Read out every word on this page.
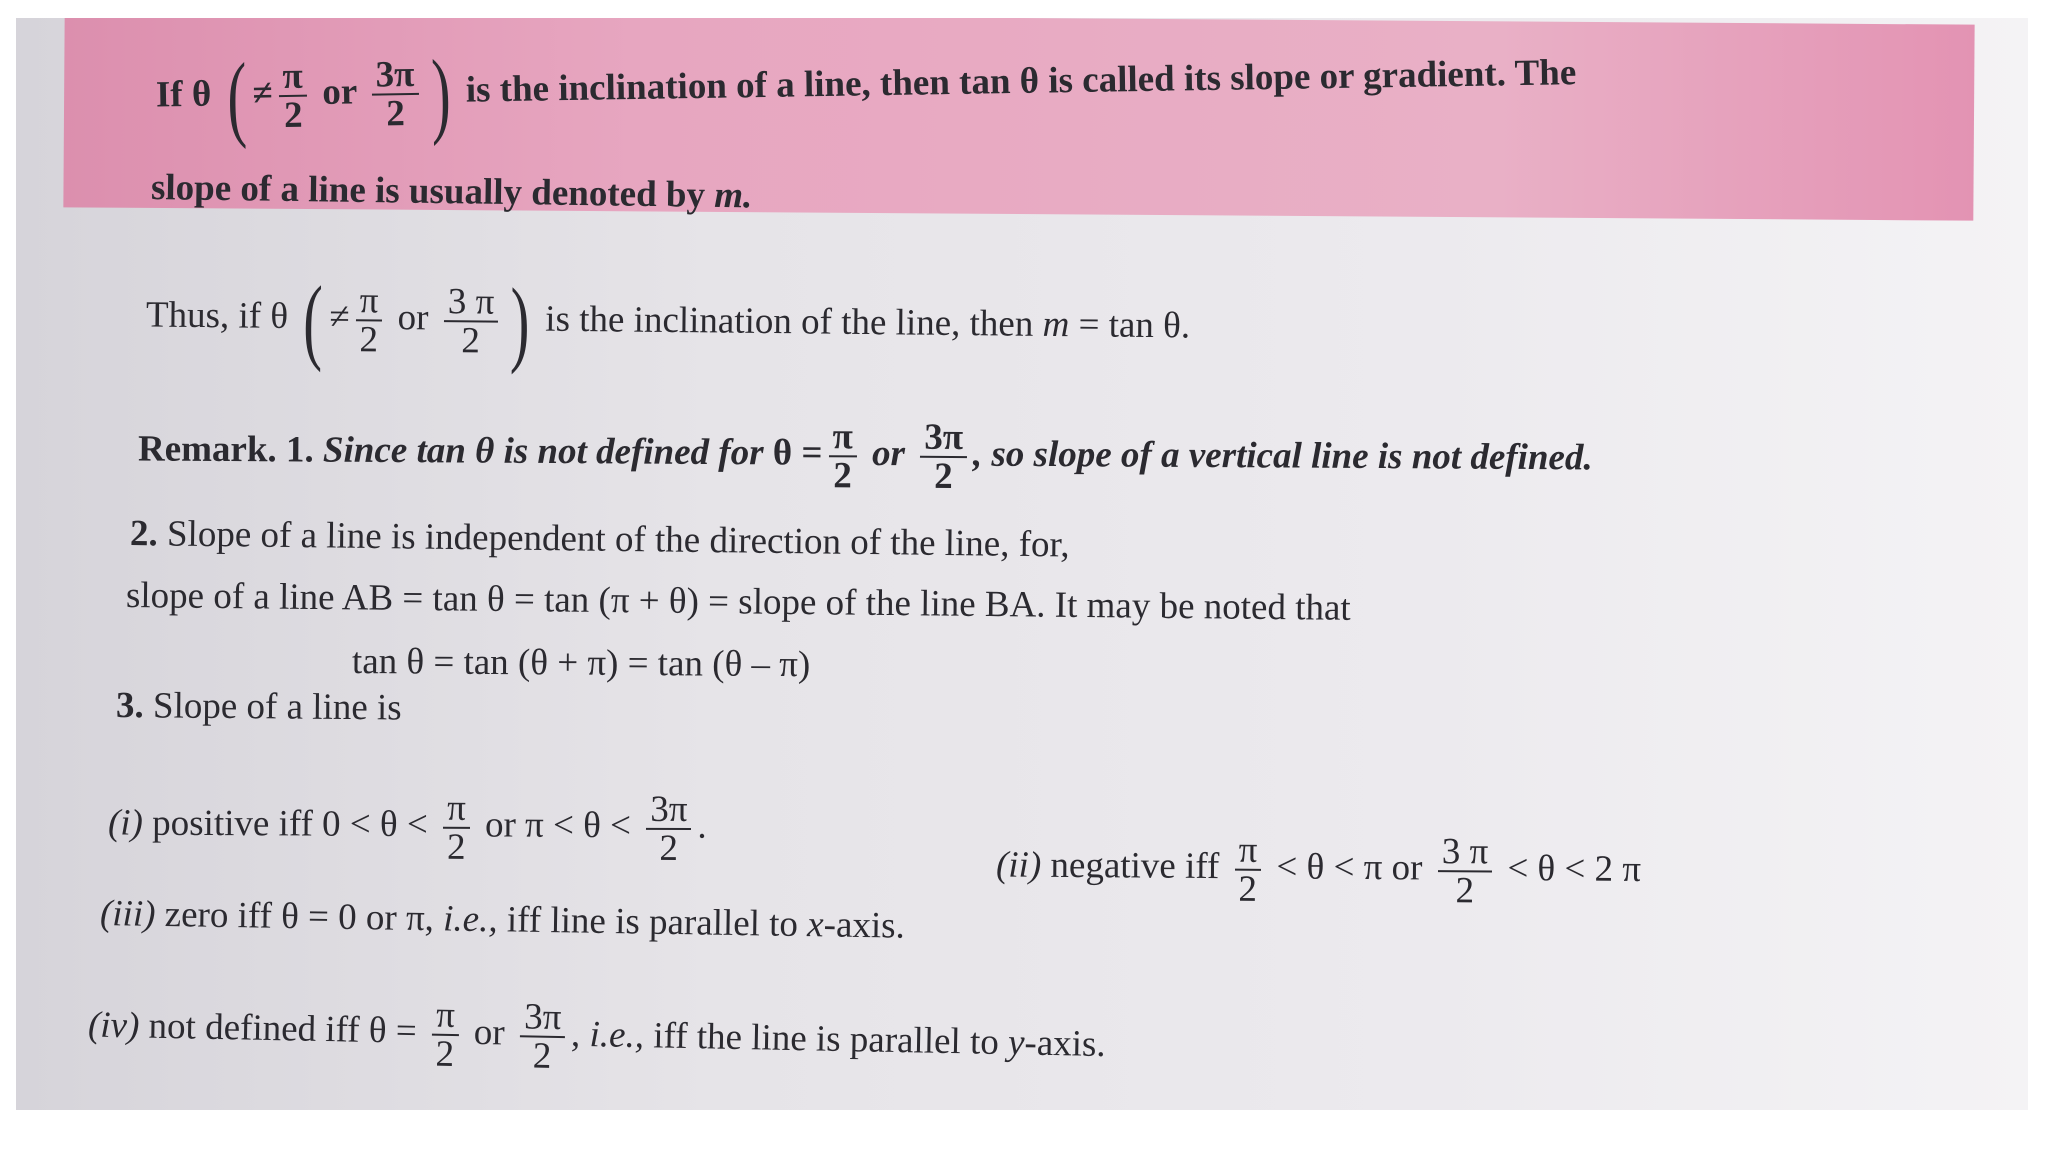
If θ ( ≠ $\frac{\pi}{2}$ or $\frac{3\pi}{2}$ ) is the inclination of a line, then tan θ is called its slope or gradient. The
slope of a line is usually denoted by m.
Thus, if θ ( ≠ $\frac{\pi}{2}$ or $\frac{3 \pi}{2}$ ) is the inclination of the line, then m = tan θ.
Remark. 1. Since tan θ is not defined for $\theta = \frac{\pi}{2}$ or $\frac{3\pi}{2}$ , so slope of a vertical line is not defined.
2. Slope of a line is independent of the direction of the line, for,
slope of a line AB = tan θ = tan (π + θ) = slope of the line BA. It may be noted that
tan θ = tan (θ + π) = tan (θ – π)
3. Slope of a line is
(i) positive iff $0 < \theta < \frac{\pi}{2}$ or $\pi < \theta < \frac{3\pi}{2}$ .
(ii) negative iff $\frac{\pi}{2} < \theta < \pi$ or $\frac{3 \pi}{2} < \theta < 2$ π
(iii) zero iff θ = 0 or π, i.e., iff line is parallel to x-axis.
(iv) not defined iff $\theta = \frac{\pi}{2}$ or $\frac{3\pi}{2}$ , i.e., iff the line is parallel to y-axis.
